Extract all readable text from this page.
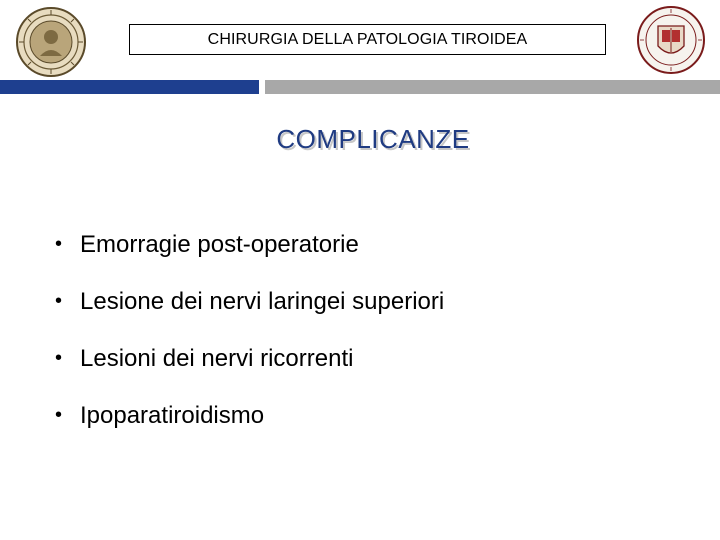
CHIRURGIA DELLA PATOLOGIA TIROIDEA
COMPLICANZE
• Emorragie post-operatorie
• Lesione dei nervi laringei superiori
• Lesioni dei nervi ricorrenti
• Ipoparatiroidismo
